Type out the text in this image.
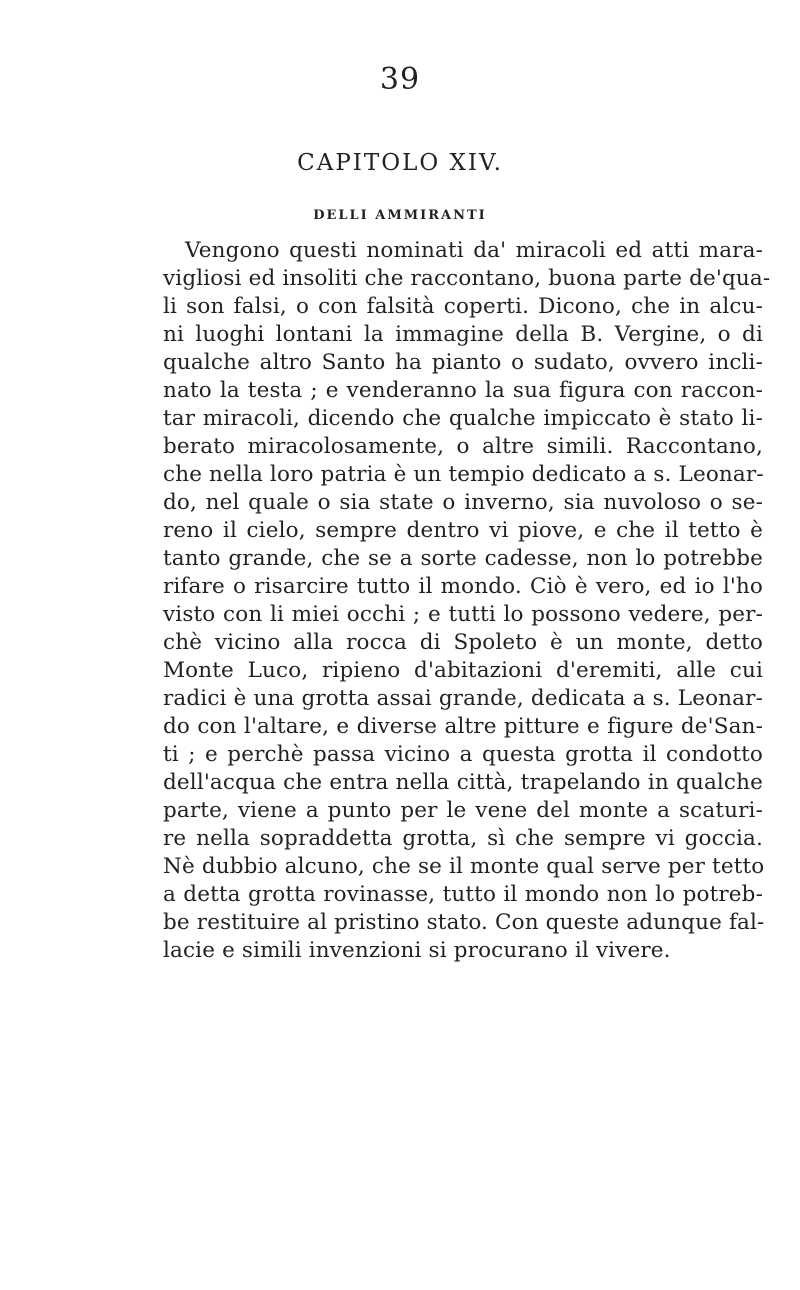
39
CAPITOLO XIV.
DELLI AMMIRANTI
Vengono questi nominati da' miracoli ed atti mara-
vigliosi ed insoliti che raccontano, buona parte de'qua-
li son falsi, o con falsità coperti. Dicono, che in alcu-
ni luoghi lontani la immagine della B. Vergine, o di
qualche altro Santo ha pianto o sudato, ovvero incli-
nato la testa ; e venderanno la sua figura con raccon-
tar miracoli, dicendo che qualche impiccato è stato li-
berato miracolosamente, o altre simili. Raccontano,
che nella loro patria è un tempio dedicato a s. Leonar-
do, nel quale o sia state o inverno, sia nuvoloso o se-
reno il cielo, sempre dentro vi piove, e che il tetto è
tanto grande, che se a sorte cadesse, non lo potrebbe
rifare o risarcire tutto il mondo. Ciò è vero, ed io l'ho
visto con li miei occhi ; e tutti lo possono vedere, per-
chè vicino alla rocca di Spoleto è un monte, detto
Monte Luco, ripieno d'abitazioni d'eremiti, alle cui
radici è una grotta assai grande, dedicata a s. Leonar-
do con l'altare, e diverse altre pitture e figure de'San-
ti ; e perchè passa vicino a questa grotta il condotto
dell'acqua che entra nella città, trapelando in qualche
parte, viene a punto per le vene del monte a scaturi-
re nella sopraddetta grotta, sì che sempre vi goccia.
Nè dubbio alcuno, che se il monte qual serve per tetto
a detta grotta rovinasse, tutto il mondo non lo potreb-
be restituire al pristino stato. Con queste adunque fal-
lacie e simili invenzioni si procurano il vivere.
